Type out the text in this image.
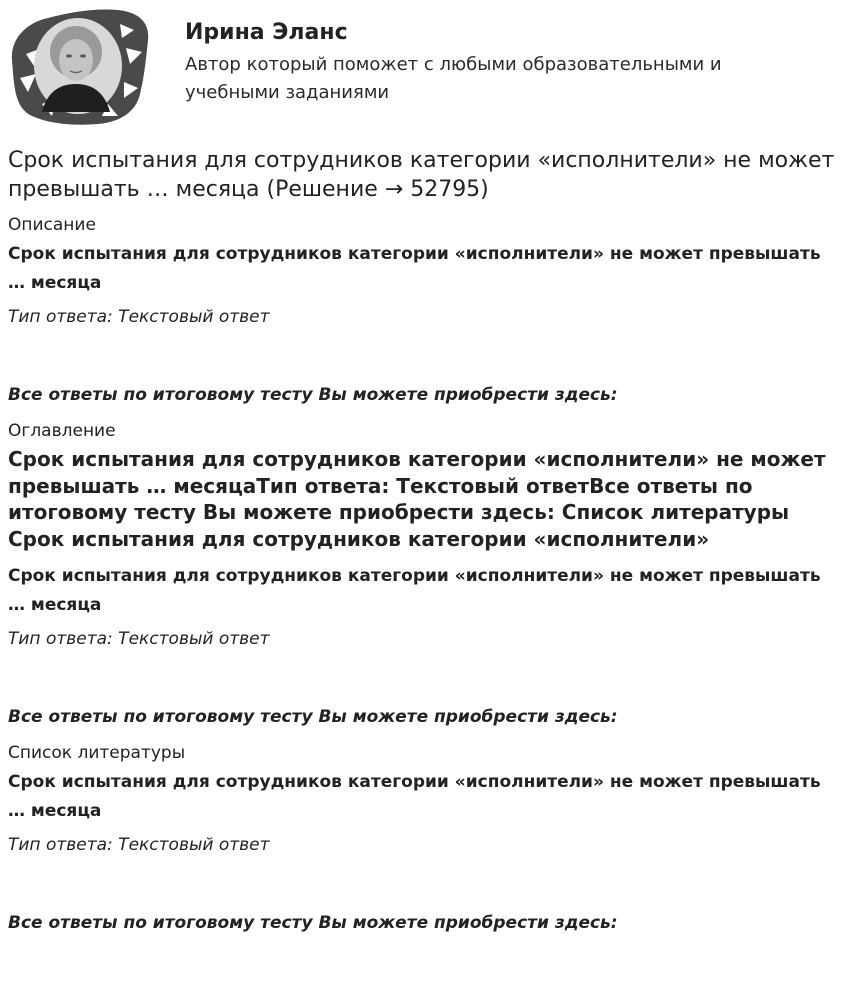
Ирина Эланс
Автор который поможет с любыми образовательными и учебными заданиями
Срок испытания для сотрудников категории «исполнители» не может превышать … месяца (Решение → 52795)
Описание
Срок испытания для сотрудников категории «исполнители» не может превышать … месяца
Тип ответа: Текстовый ответ
Все ответы по итоговому тесту Вы можете приобрести здесь:
Оглавление
Срок испытания для сотрудников категории «исполнители» не может превышать … месяцаТип ответа: Текстовый ответВсе ответы по итоговому тесту Вы можете приобрести здесь: Список литературы Срок испытания для сотрудников категории «исполнители»
Срок испытания для сотрудников категории «исполнители» не может превышать … месяца
Тип ответа: Текстовый ответ
Все ответы по итоговому тесту Вы можете приобрести здесь:
Список литературы
Срок испытания для сотрудников категории «исполнители» не может превышать … месяца
Тип ответа: Текстовый ответ
Все ответы по итоговому тесту Вы можете приобрести здесь:
